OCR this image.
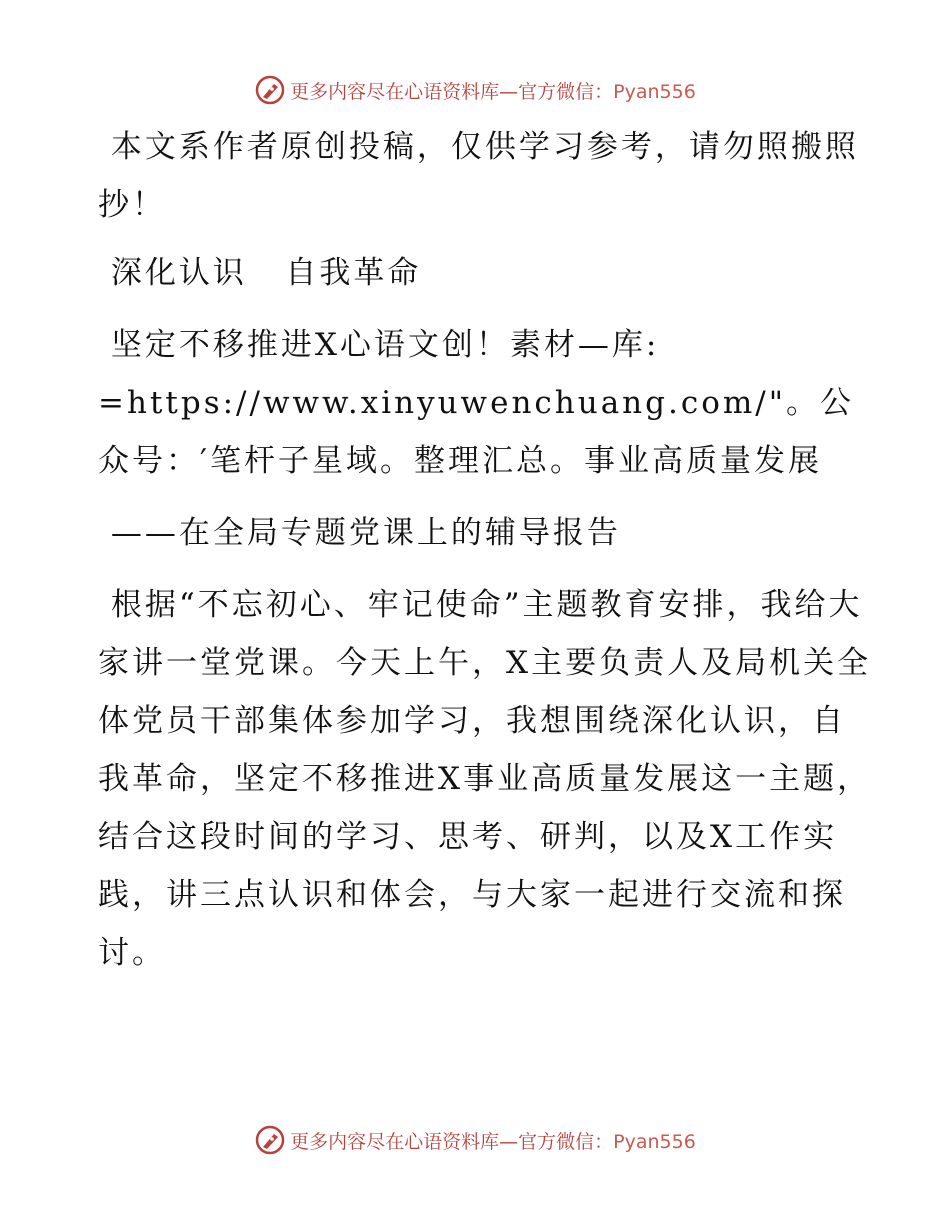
更多内容尽在心语资料库—官方微信：Pyan556

本文系作者原创投稿，仅供学习参考，请勿照搬照抄！

深化认识   自我革命

坚定不移推进X心语文创！素材—库:

=https://www.xinyuwenchuang.com/"。公众号：′笔杆子星域。整理汇总。事业高质量发展

——在全局专题党课上的辅导报告

根据“不忘初心、牢记使命”主题教育安排，我给大家讲一堂党课。今天上午，X主要负责人及局机关全体党员干部集体参加学习，我想围绕深化认识，自我革命，坚定不移推进X事业高质量发展这一主题，结合这段时间的学习、思考、研判，以及X工作实践，讲三点认识和体会，与大家一起进行交流和探讨。

更多内容尽在心语资料库—官方微信：Pyan556
